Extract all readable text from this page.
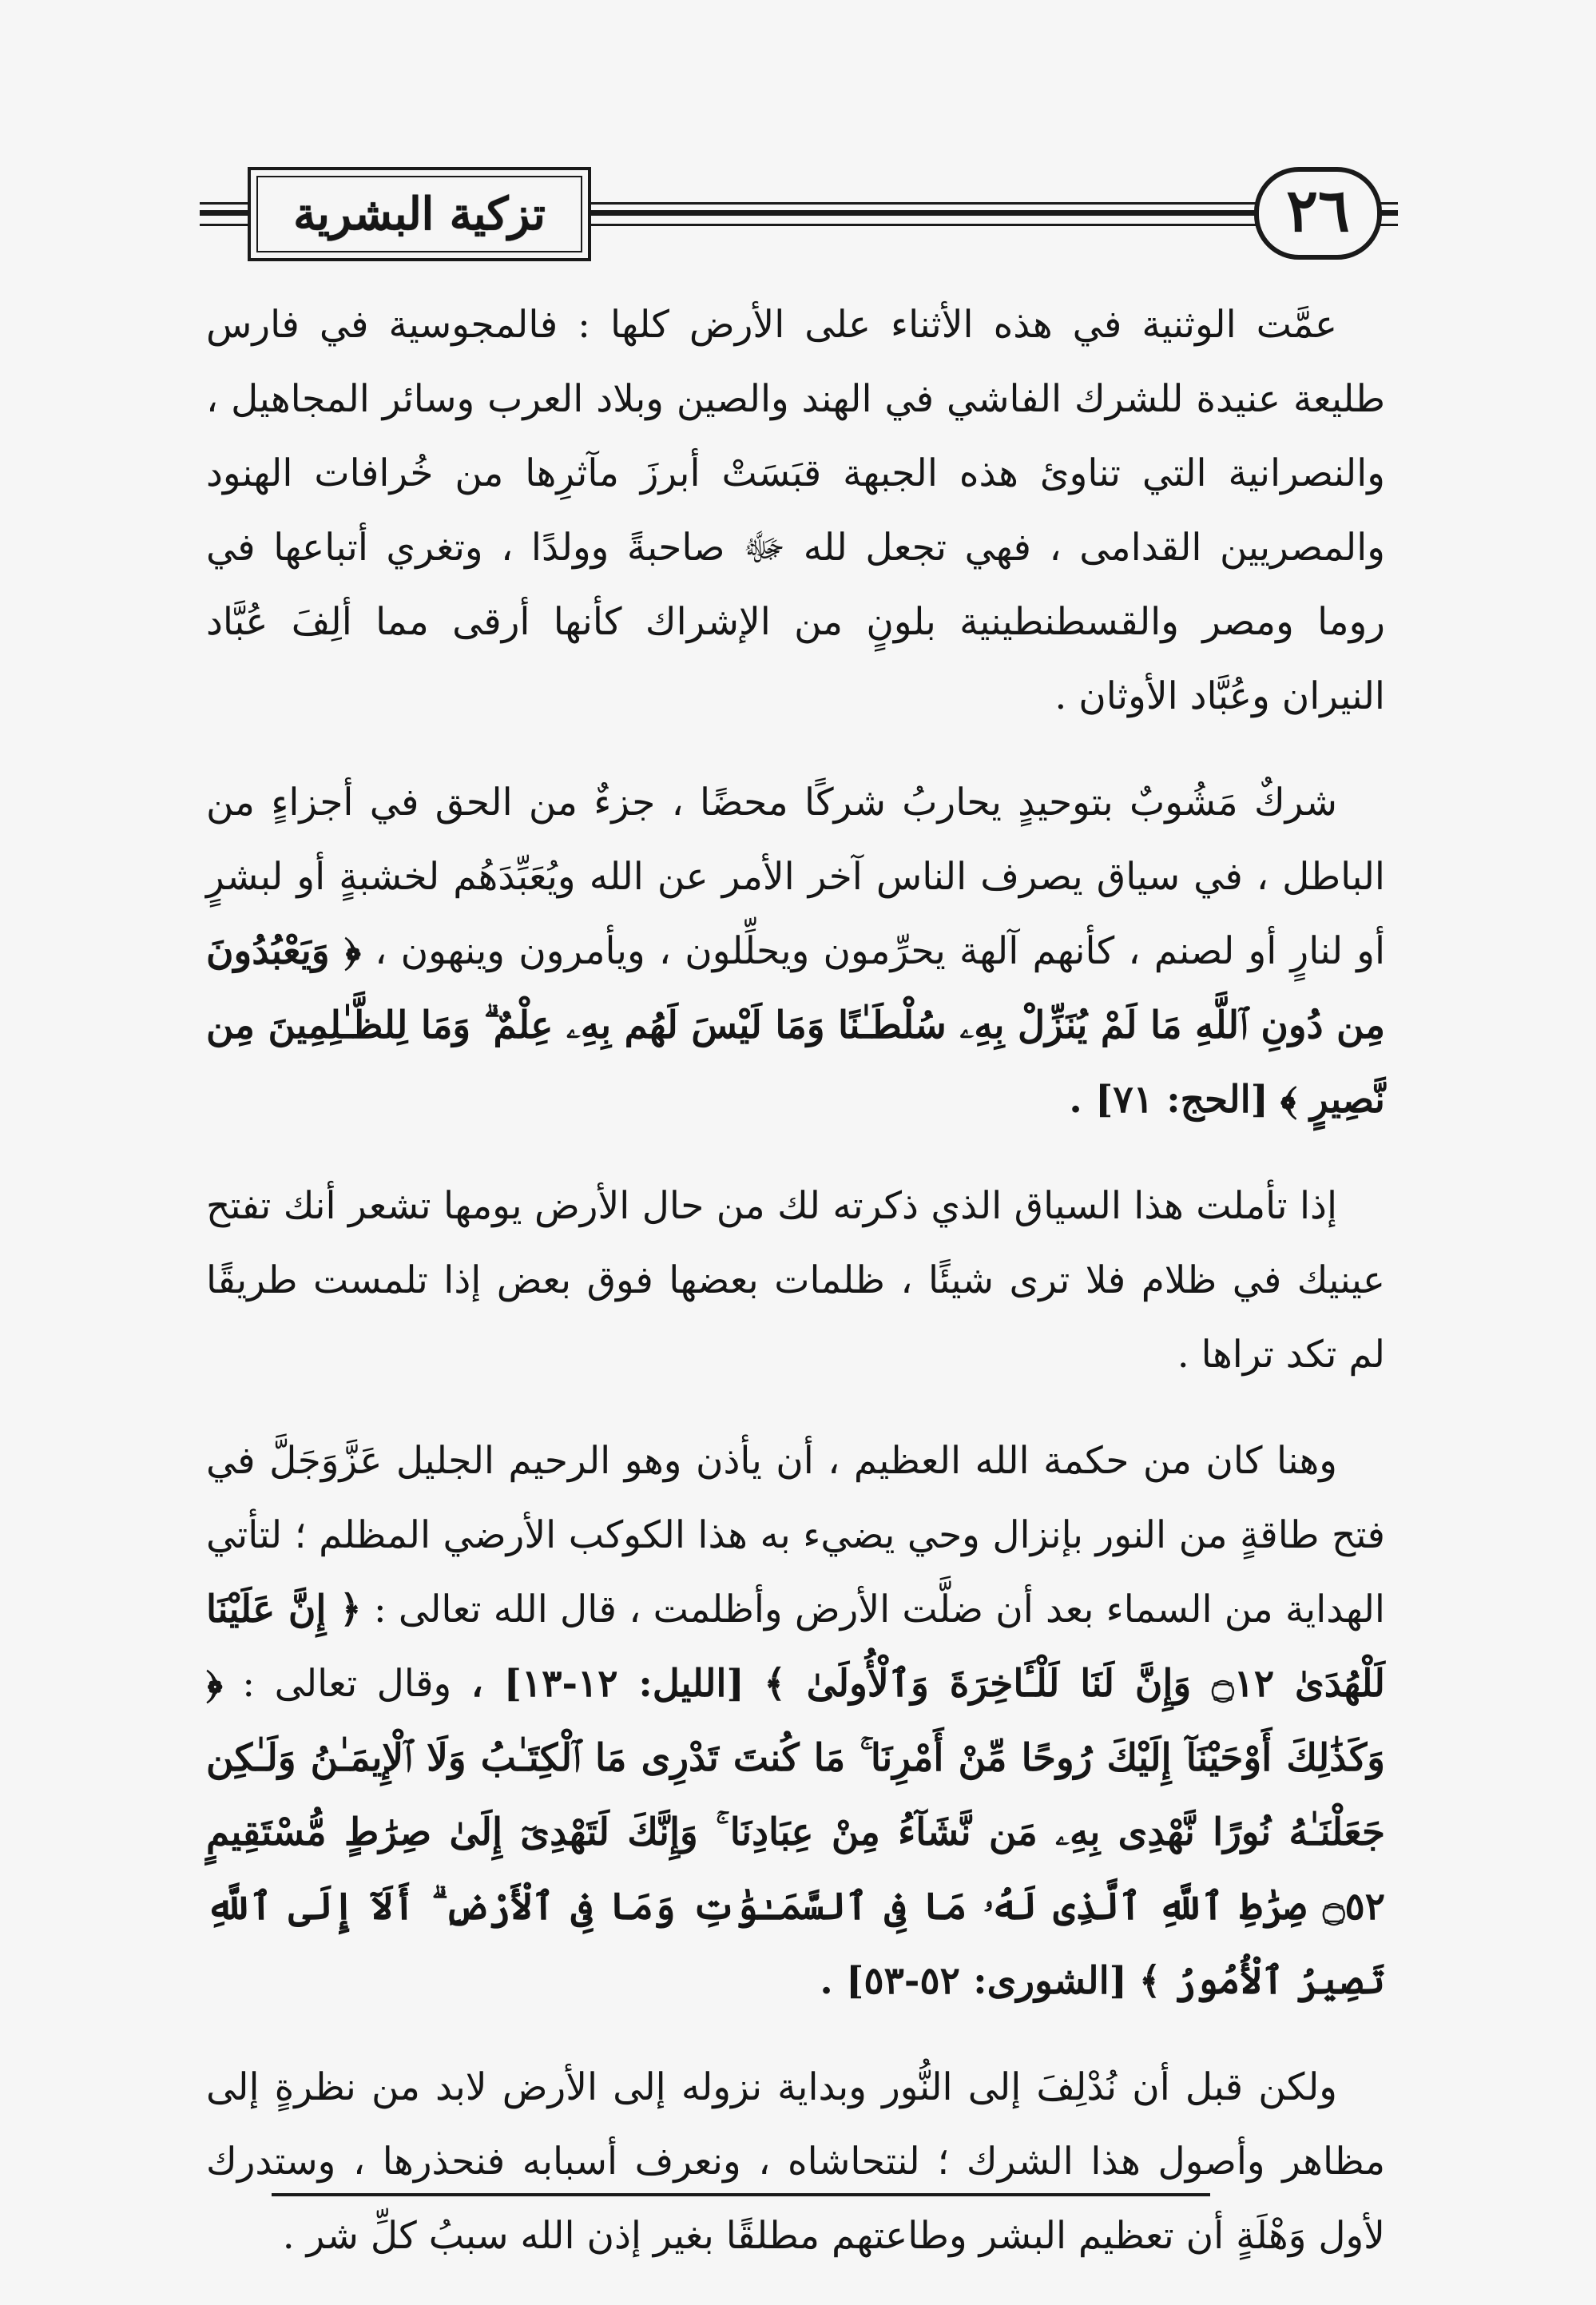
تزكية البشرية	٢٦
عمَّت الوثنية في هذه الأثناء على الأرض كلها : فالمجوسية في فارس طليعة عنيدة للشرك الفاشي في الهند والصين وبلاد العرب وسائر المجاهيل ، والنصرانية التي تناوئ هذه الجبهة قبَسَتْ أبرزَ مآثرِها من خُرافات الهنود والمصريين القدامى ، فهي تجعل لله ﷻ صاحبةً وولدًا ، وتغري أتباعها في روما ومصر والقسطنطينية بلونٍ من الإشراك كأنها أرقى مما ألِفَ عُبَّاد النيران وعُبَّاد الأوثان .
شركٌ مَشُوبٌ بتوحيدٍ يحاربُ شركًا محضًا ، جزءٌ من الحق في أجزاءٍ من الباطل ، في سياق يصرف الناس آخر الأمر عن الله ويُعَبِّدَهُم لخشبةٍ أو لبشرٍ أو لنارٍ أو لصنم ، كأنهم آلهة يحرِّمون ويحلِّلون ، ويأمرون وينهون ، ﴿ وَيَعْبُدُونَ مِن دُونِ ٱللَّهِ مَا لَمْ يُنَزِّلْ بِهِۦ سُلْطَـٰنًا وَمَا لَيْسَ لَهُم بِهِۦ عِلْمٌ ۗ وَمَا لِلظَّـٰلِمِينَ مِن نَّصِيرٍ ﴾ [الحج: ٧١] .
إذا تأملت هذا السياق الذي ذكرته لك من حال الأرض يومها تشعر أنك تفتح عينيك في ظلام فلا ترى شيئًا ، ظلمات بعضها فوق بعض إذا تلمست طريقًا لم تكد تراها .
وهنا كان من حكمة الله العظيم ، أن يأذن وهو الرحيم الجليل عَزَّوَجَلَّ في فتح طاقةٍ من النور بإنزال وحي يضيء به هذا الكوكب الأرضي المظلم ؛ لتأتي الهداية من السماء بعد أن ضلَّت الأرض وأظلمت ، قال الله تعالى : ﴿ إِنَّ عَلَيْنَا لَلْهُدَىٰ ۝١٢ وَإِنَّ لَنَا لَلْـَٔاخِرَةَ وَٱلْأُولَىٰ ﴾ [الليل: ١٢-١٣] ، وقال تعالى : ﴿ وَكَذَٰلِكَ أَوْحَيْنَآ إِلَيْكَ رُوحًا مِّنْ أَمْرِنَا ۚ مَا كُنتَ تَدْرِى مَا ٱلْكِتَـٰبُ وَلَا ٱلْإِيمَـٰنُ وَلَـٰكِن جَعَلْنَـٰهُ نُورًا نَّهْدِى بِهِۦ مَن نَّشَآءُ مِنْ عِبَادِنَا ۚ وَإِنَّكَ لَتَهْدِىٓ إِلَىٰ صِرَٰطٍ مُّسْتَقِيمٍ ۝٥٢ صِرَٰطِ ٱللَّهِ ٱلَّذِى لَهُۥ مَا فِى ٱلسَّمَـٰوَٰتِ وَمَا فِى ٱلْأَرْضِ ۗ أَلَآ إِلَى ٱللَّهِ تَصِيرُ ٱلْأُمُورُ ﴾ [الشورى: ٥٢-٥٣] .
ولكن قبل أن نُدْلِفَ إلى النُّور وبداية نزوله إلى الأرض لابد من نظرةٍ إلى مظاهر وأصول هذا الشرك ؛ لنتحاشاه ، ونعرف أسبابه فنحذرها ، وستدرك لأول وَهْلَةٍ أن تعظيم البشر وطاعتهم مطلقًا بغير إذن الله سببُ كلِّ شر .
